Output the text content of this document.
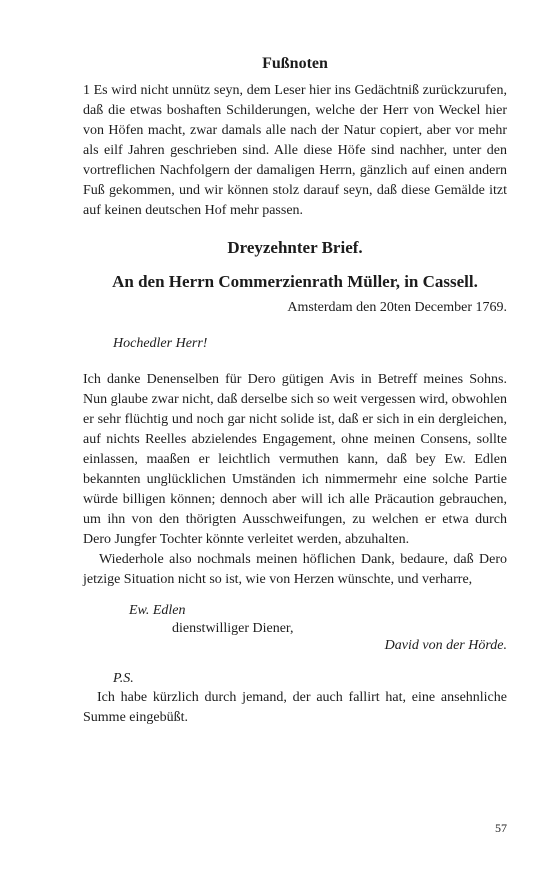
Fußnoten

1 Es wird nicht unnütz seyn, dem Leser hier ins Gedächtniß zurückzurufen, daß die etwas boshaften Schilderungen, welche der Herr von Weckel hier von Höfen macht, zwar damals alle nach der Natur copiert, aber vor mehr als eilf Jahren geschrieben sind. Alle diese Höfe sind nachher, unter den vortreflichen Nachfolgern der damaligen Herrn, gänzlich auf einen andern Fuß gekommen, und wir können stolz darauf seyn, daß diese Gemälde itzt auf keinen deutschen Hof mehr passen.

Dreyzehnter Brief.
An den Herrn Commerzienrath Müller, in Cassell.

Amsterdam den 20ten December 1769.

Hochedler Herr!

Ich danke Denenselben für Dero gütigen Avis in Betreff meines Sohns. Nun glaube zwar nicht, daß derselbe sich so weit vergessen wird, obwohlen er sehr flüchtig und noch gar nicht solide ist, daß er sich in ein dergleichen, auf nichts Reelles abzielendes Engagement, ohne meinen Consens, sollte einlassen, maaßen er leichtlich vermuthen kann, daß bey Ew. Edlen bekannten unglücklichen Umständen ich nimmermehr eine solche Partie würde billigen können; dennoch aber will ich alle Präcaution gebrauchen, um ihn von den thörigten Ausschweifungen, zu welchen er etwa durch Dero Jungfer Tochter könnte verleitet werden, abzuhalten.

Wiederhole also nochmals meinen höflichen Dank, bedaure, daß Dero jetzige Situation nicht so ist, wie von Herzen wünschte, und verharre,

Ew. Edlen

dienstwilliger Diener,

David von der Hörde.

P.S.

Ich habe kürzlich durch jemand, der auch fallirt hat, eine ansehnliche Summe eingebüßt.

57
